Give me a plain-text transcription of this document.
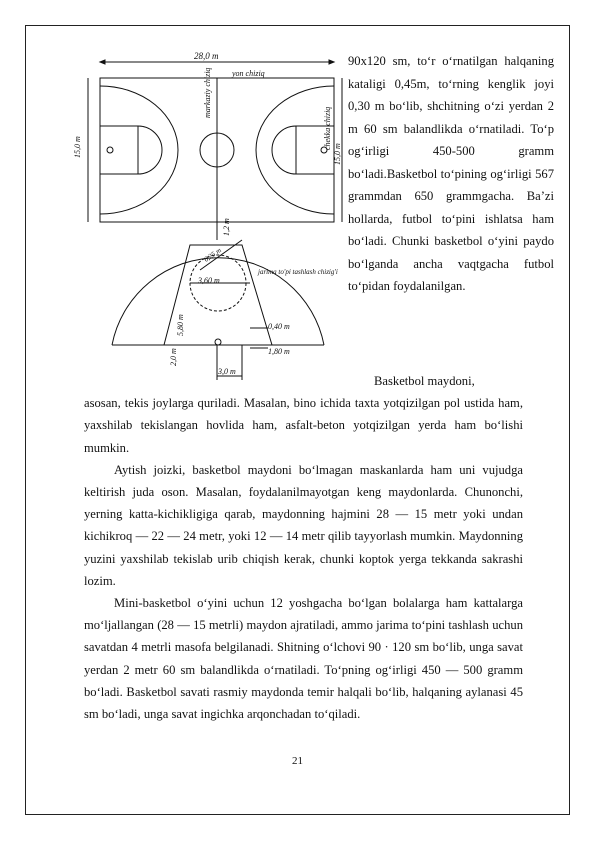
28,0 m
yon chiziq
15,0 m	15,0 m
markaziy chiziq
chekka chiziq
1,2 m
6,25 m
3,60 m
jarima to'pi tashlash chizig'i
5,80 m	0,40 m
1,80 m
2,0 m
3,0 m

90x120 sm, to‘r o‘rnatilgan halqaning kataligi 0,45m, to‘rning kenglik joyi 0,30 m bo‘lib, shchitning o‘zi yerdan 2 m 60 sm balandlikda o‘rnatiladi. To‘p og‘irligi 450-500 gramm bo‘ladi.Basketbol to‘pining og‘irligi 567 grammdan 650 grammgacha. Ba’zi hollarda, futbol to‘pini ishlatsa ham bo‘ladi. Chunki basketbol o‘yini paydo bo‘lganda ancha vaqtgacha futbol to‘pidan foydalanilgan.

Basketbol maydoni,

asosan, tekis joylarga quriladi. Masalan, bino ichida taxta yotqizilgan pol ustida ham, yaxshilab tekislangan hovlida ham, asfalt-beton yotqizilgan yerda ham bo‘lishi mumkin.

Aytish joizki, basketbol maydoni bo‘lmagan maskanlarda ham uni vujudga keltirish juda oson. Masalan, foydalanilmayotgan keng maydonlarda. Chunonchi, yerning katta-kichikligiga qarab, maydonning hajmini 28 — 15 metr yoki undan kichikroq — 22 — 24 metr, yoki 12 — 14 metr qilib tayyorlash mumkin. Maydonning yuzini yaxshilab tekislab urib chiqish kerak, chunki koptok yerga tekkanda sakrashi lozim.

Mini-basketbol o‘yini uchun 12 yoshgacha bo‘lgan bolalarga ham kattalarga mo‘ljallangan (28 — 15 metrli) maydon ajratiladi, ammo jarima to‘pini tashlash uchun savatdan 4 metrli masofa belgilanadi. Shitning o‘lchovi 90 · 120 sm bo‘lib, unga savat yerdan 2 metr 60 sm balandlikda o‘rnatiladi. To‘pning og‘irligi 450 — 500 gramm bo‘ladi. Basketbol savati rasmiy maydonda temir halqali bo‘lib, halqaning aylanasi 45 sm bo‘ladi, unga savat ingichka arqonchadan to‘qiladi.

21
